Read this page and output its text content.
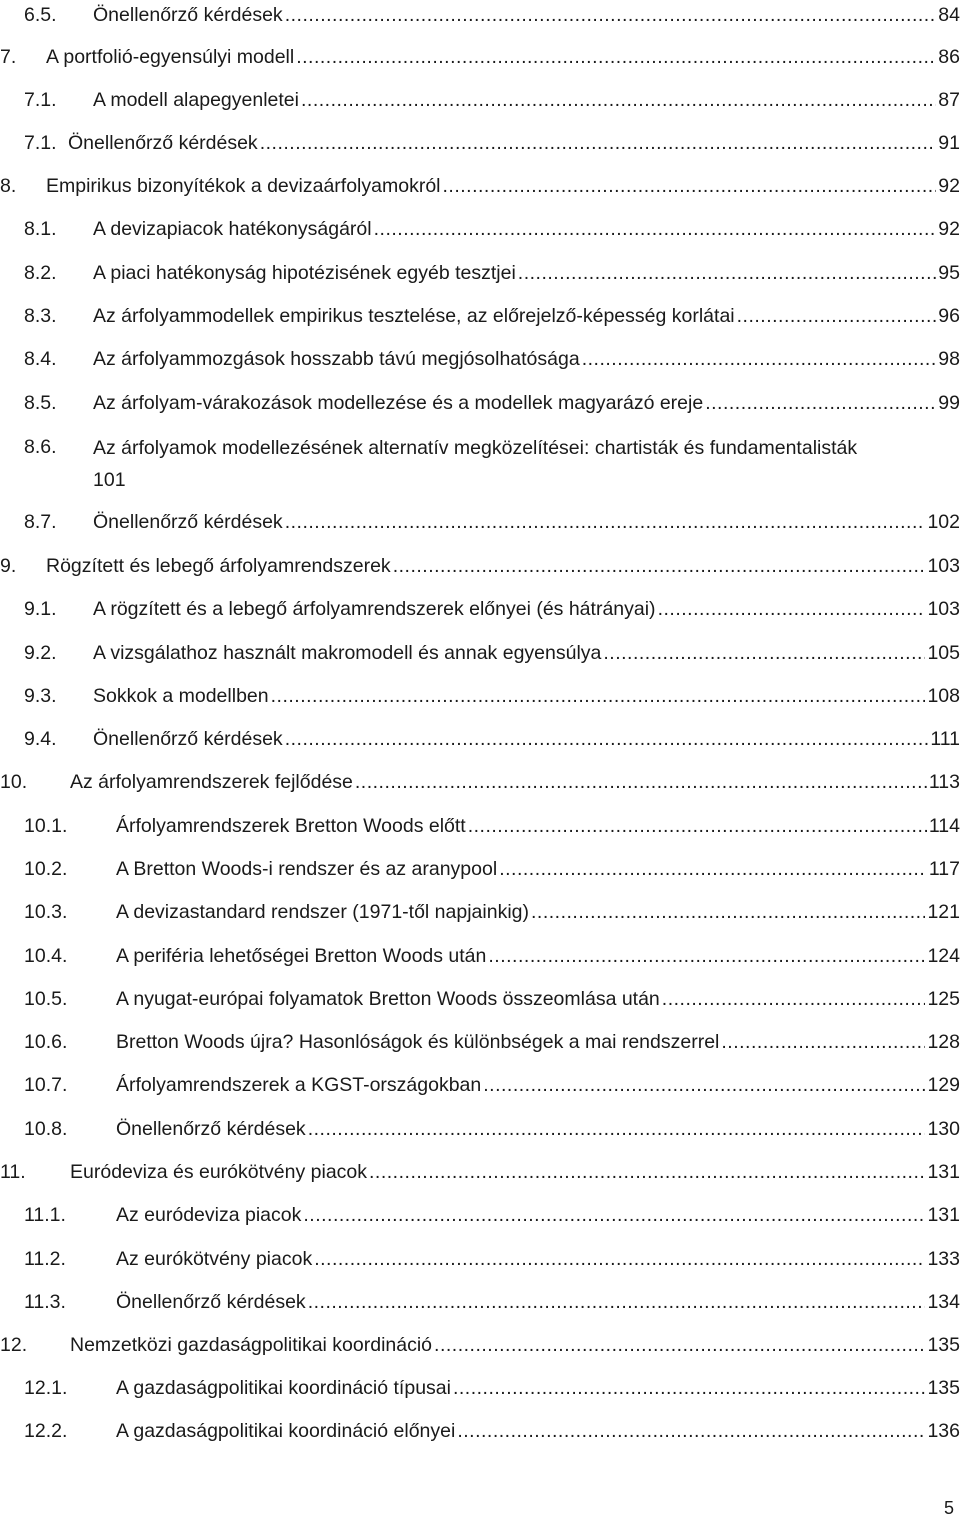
6.5. Önellenőrző kérdések .....	84
7. A portfolió-egyensúlyi modell .....	86
7.1. A modell alapegyenletei .....	87
7.1. Önellenőrző kérdések .....	91
8. Empirikus bizonyítékok a devizaárfolyamokról .....	92
8.1. A devizapiacok hatékonyságáról .....	92
8.2. A piaci hatékonyság hipotézisének egyéb tesztjei .....	95
8.3. Az árfolyammodellek empirikus tesztelése, az előrejelző-képesség korlátai .....	96
8.4. Az árfolyammozgások hosszabb távú megjósolhatósága .....	98
8.5. Az árfolyam-várakozások modellezése és a modellek magyarázó ereje .....	99
8.6. Az árfolyamok modellezésének alternatív megközelítései: chartisták és fundamentalisták
101
8.7. Önellenőrző kérdések .....	102
9. Rögzített és lebegő árfolyamrendszerek .....	103
9.1. A rögzített és a lebegő árfolyamrendszerek előnyei (és hátrányai) .....	103
9.2. A vizsgálathoz használt makromodell és annak egyensúlya .....	105
9.3. Sokkok a modellben .....	108
9.4. Önellenőrző kérdések .....	111
10. Az árfolyamrendszerek fejlődése .....	113
10.1. Árfolyamrendszerek Bretton Woods előtt .....	114
10.2. A Bretton Woods-i rendszer és az aranypool .....	117
10.3. A devizastandard rendszer (1971-től napjainkig) .....	121
10.4. A periféria lehetőségei Bretton Woods után .....	124
10.5. A nyugat-európai folyamatok Bretton Woods összeomlása után .....	125
10.6. Bretton Woods újra? Hasonlóságok és különbségek a mai rendszerrel .....	128
10.7. Árfolyamrendszerek a KGST-országokban .....	129
10.8. Önellenőrző kérdések .....	130
11. Euródeviza és eurókötvény piacok .....	131
11.1.	Az euródeviza piacok .....	131
11.2.	Az eurókötvény piacok .....	133
11.3.	Önellenőrző kérdések .....	134
12. Nemzetközi gazdaságpolitikai koordináció .....	135
12.1. A gazdaságpolitikai koordináció típusai .....	135
12.2. A gazdaságpolitikai koordináció előnyei .....	136
5
